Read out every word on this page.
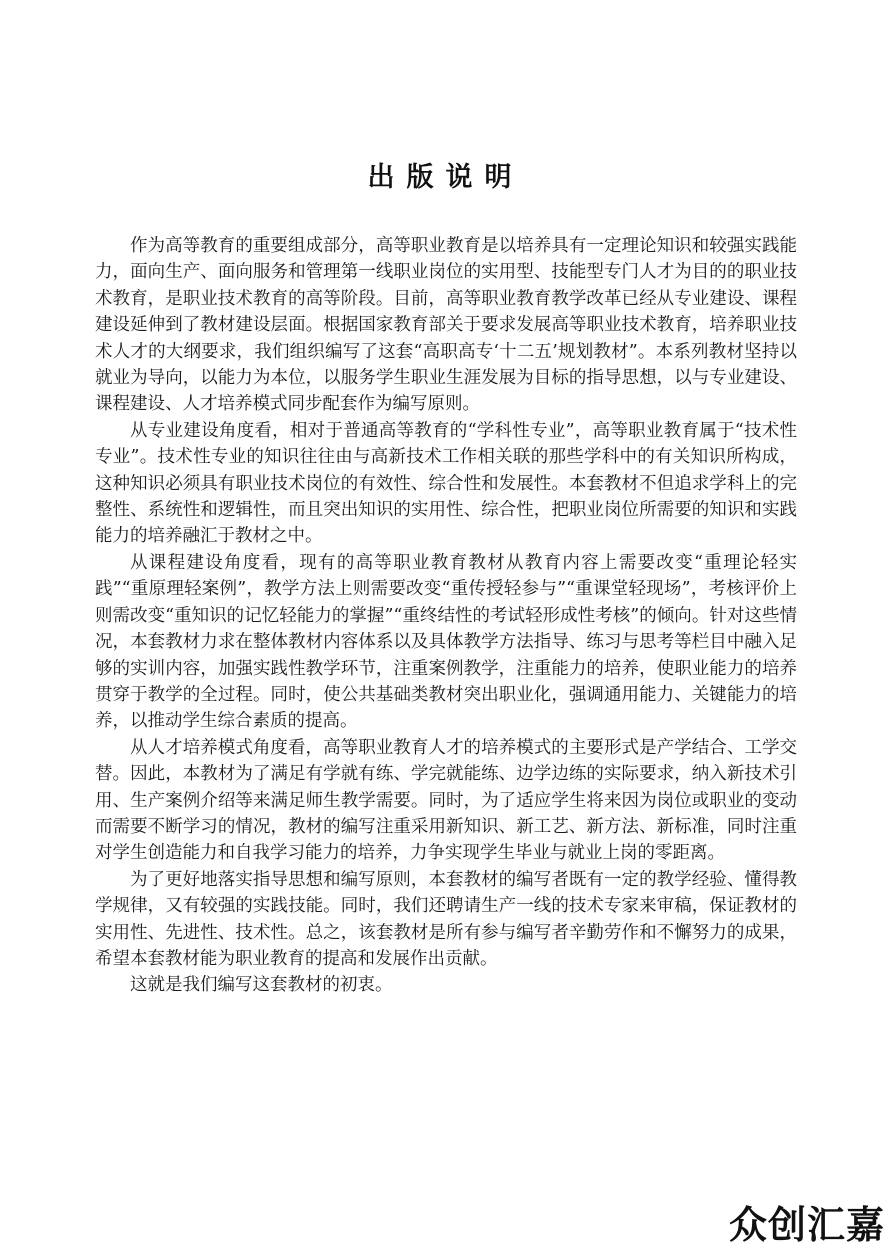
出版说明

作为高等教育的重要组成部分，高等职业教育是以培养具有一定理论知识和较强实践能力，面向生产、面向服务和管理第一线职业岗位的实用型、技能型专门人才为目的的职业技术教育，是职业技术教育的高等阶段。目前，高等职业教育教学改革已经从专业建设、课程建设延伸到了教材建设层面。根据国家教育部关于要求发展高等职业技术教育，培养职业技术人才的大纲要求，我们组织编写了这套“高职高专‘十二五’规划教材”。本系列教材坚持以就业为导向，以能力为本位，以服务学生职业生涯发展为目标的指导思想，以与专业建设、课程建设、人才培养模式同步配套作为编写原则。

从专业建设角度看，相对于普通高等教育的“学科性专业”，高等职业教育属于“技术性专业”。技术性专业的知识往往由与高新技术工作相关联的那些学科中的有关知识所构成，这种知识必须具有职业技术岗位的有效性、综合性和发展性。本套教材不但追求学科上的完整性、系统性和逻辑性，而且突出知识的实用性、综合性，把职业岗位所需要的知识和实践能力的培养融汇于教材之中。

从课程建设角度看，现有的高等职业教育教材从教育内容上需要改变“重理论轻实践”“重原理轻案例”，教学方法上则需要改变“重传授轻参与”“重课堂轻现场”，考核评价上则需改变“重知识的记忆轻能力的掌握”“重终结性的考试轻形成性考核”的倾向。针对这些情况，本套教材力求在整体教材内容体系以及具体教学方法指导、练习与思考等栏目中融入足够的实训内容，加强实践性教学环节，注重案例教学，注重能力的培养，使职业能力的培养贯穿于教学的全过程。同时，使公共基础类教材突出职业化，强调通用能力、关键能力的培养，以推动学生综合素质的提高。

从人才培养模式角度看，高等职业教育人才的培养模式的主要形式是产学结合、工学交替。因此，本教材为了满足有学就有练、学完就能练、边学边练的实际要求，纳入新技术引用、生产案例介绍等来满足师生教学需要。同时，为了适应学生将来因为岗位或职业的变动而需要不断学习的情况，教材的编写注重采用新知识、新工艺、新方法、新标准，同时注重对学生创造能力和自我学习能力的培养，力争实现学生毕业与就业上岗的零距离。

为了更好地落实指导思想和编写原则，本套教材的编写者既有一定的教学经验、懂得教学规律，又有较强的实践技能。同时，我们还聘请生产一线的技术专家来审稿，保证教材的实用性、先进性、技术性。总之，该套教材是所有参与编写者辛勤劳作和不懈努力的成果，希望本套教材能为职业教育的提高和发展作出贡献。

这就是我们编写这套教材的初衷。

众创汇嘉
